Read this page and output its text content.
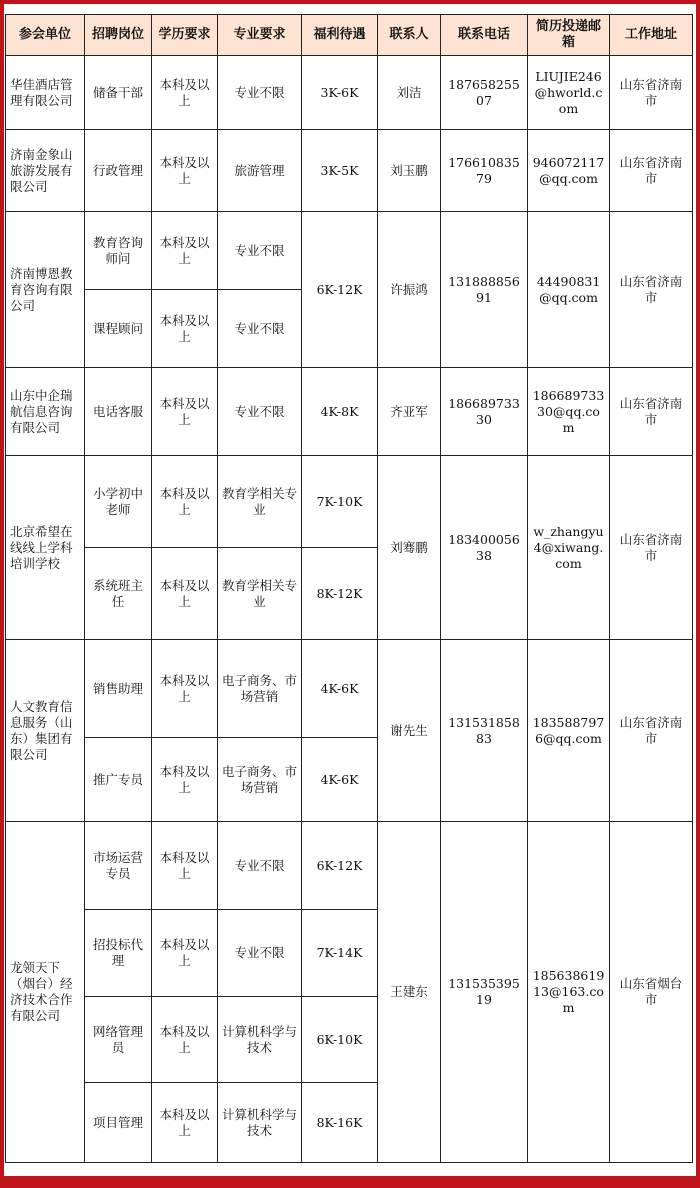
参会单位	招聘岗位	学历要求	专业要求	福利待遇	联系人	联系电话	简历投递邮箱	工作地址
华佳酒店管理有限公司	储备干部	本科及以上	专业不限	3K-6K	刘洁	18765825507	LIUJIE246@hworld.com	山东省济南市
济南金象山旅游发展有限公司	行政管理	本科及以上	旅游管理	3K-5K	刘玉鹏	17661083579	946072117@qq.com	山东省济南市
济南博恩教育咨询有限公司	教育咨询师问	本科及以上	专业不限	6K-12K	许振鸿	13188885691	44490831@qq.com	山东省济南市
	课程顾问	本科及以上	专业不限					
山东中企瑞航信息咨询有限公司	电话客服	本科及以上	专业不限	4K-8K	齐亚军	18668973330	18668973330@qq.com	山东省济南市
北京希望在线线上学科培训学校	小学初中老师	本科及以上	教育学相关专业	7K-10K	刘骞鹏	18340005638	w_zhangyu4@xiwang.com	山东省济南市
	系统班主任	本科及以上	教育学相关专业	8K-12K				
人文教育信息服务（山东）集团有限公司	销售助理	本科及以上	电子商务、市场营销	4K-6K	谢先生	13153185883	1835887976@qq.com	山东省济南市
	推广专员	本科及以上	电子商务、市场营销	4K-6K				
龙领天下（烟台）经济技术合作有限公司	市场运营专员	本科及以上	专业不限	6K-12K	王建东	13153539519	18563861913@163.com	山东省烟台市
	招投标代理	本科及以上	专业不限	7K-14K				
	网络管理员	本科及以上	计算机科学与技术	6K-10K				
	项目管理	本科及以上	计算机科学与技术	8K-16K				
